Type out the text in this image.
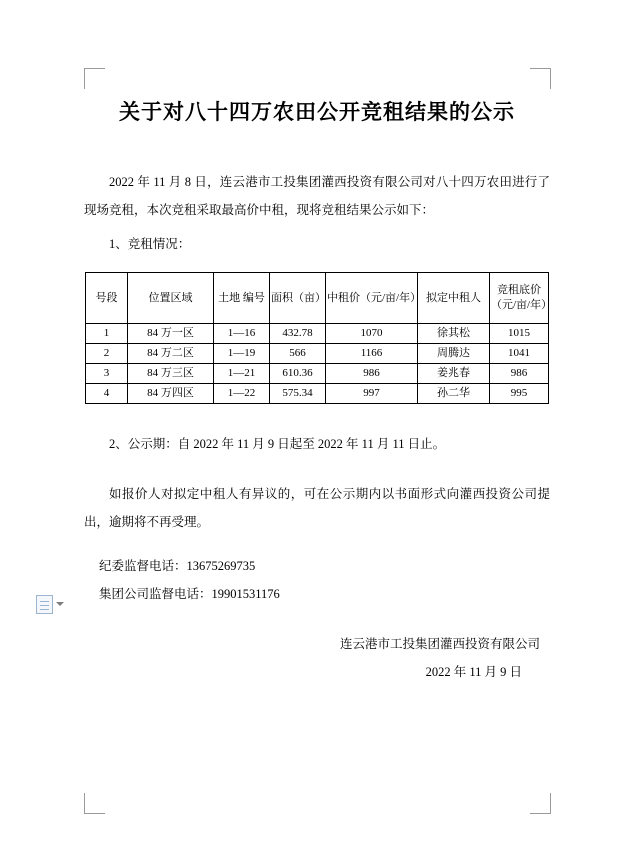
关于对八十四万农田公开竞租结果的公示

2022 年 11 月 8 日，连云港市工投集团灌西投资有限公司对八十四万农田进行了现场竞租，本次竞租采取最高价中租，现将竞租结果公示如下：

1、竞租情况：

号段	位置区域	土地 编号	面积（亩）	中租价（元/亩/年）	拟定中租人	竞租底价（元/亩/年）
1	84 万一区	1—16	432.78	1070	徐其松	1015
2	84 万二区	1—19	566	1166	周腾达	1041
3	84 万三区	1—21	610.36	986	姜兆春	986
4	84 万四区	1—22	575.34	997	孙二华	995

2、公示期：自 2022 年 11 月 9 日起至 2022 年 11 月 11 日止。

如报价人对拟定中租人有异议的，可在公示期内以书面形式向灌西投资公司提出，逾期将不再受理。

纪委监督电话：13675269735

集团公司监督电话：19901531176

连云港市工投集团灌西投资有限公司
2022 年 11 月 9 日
